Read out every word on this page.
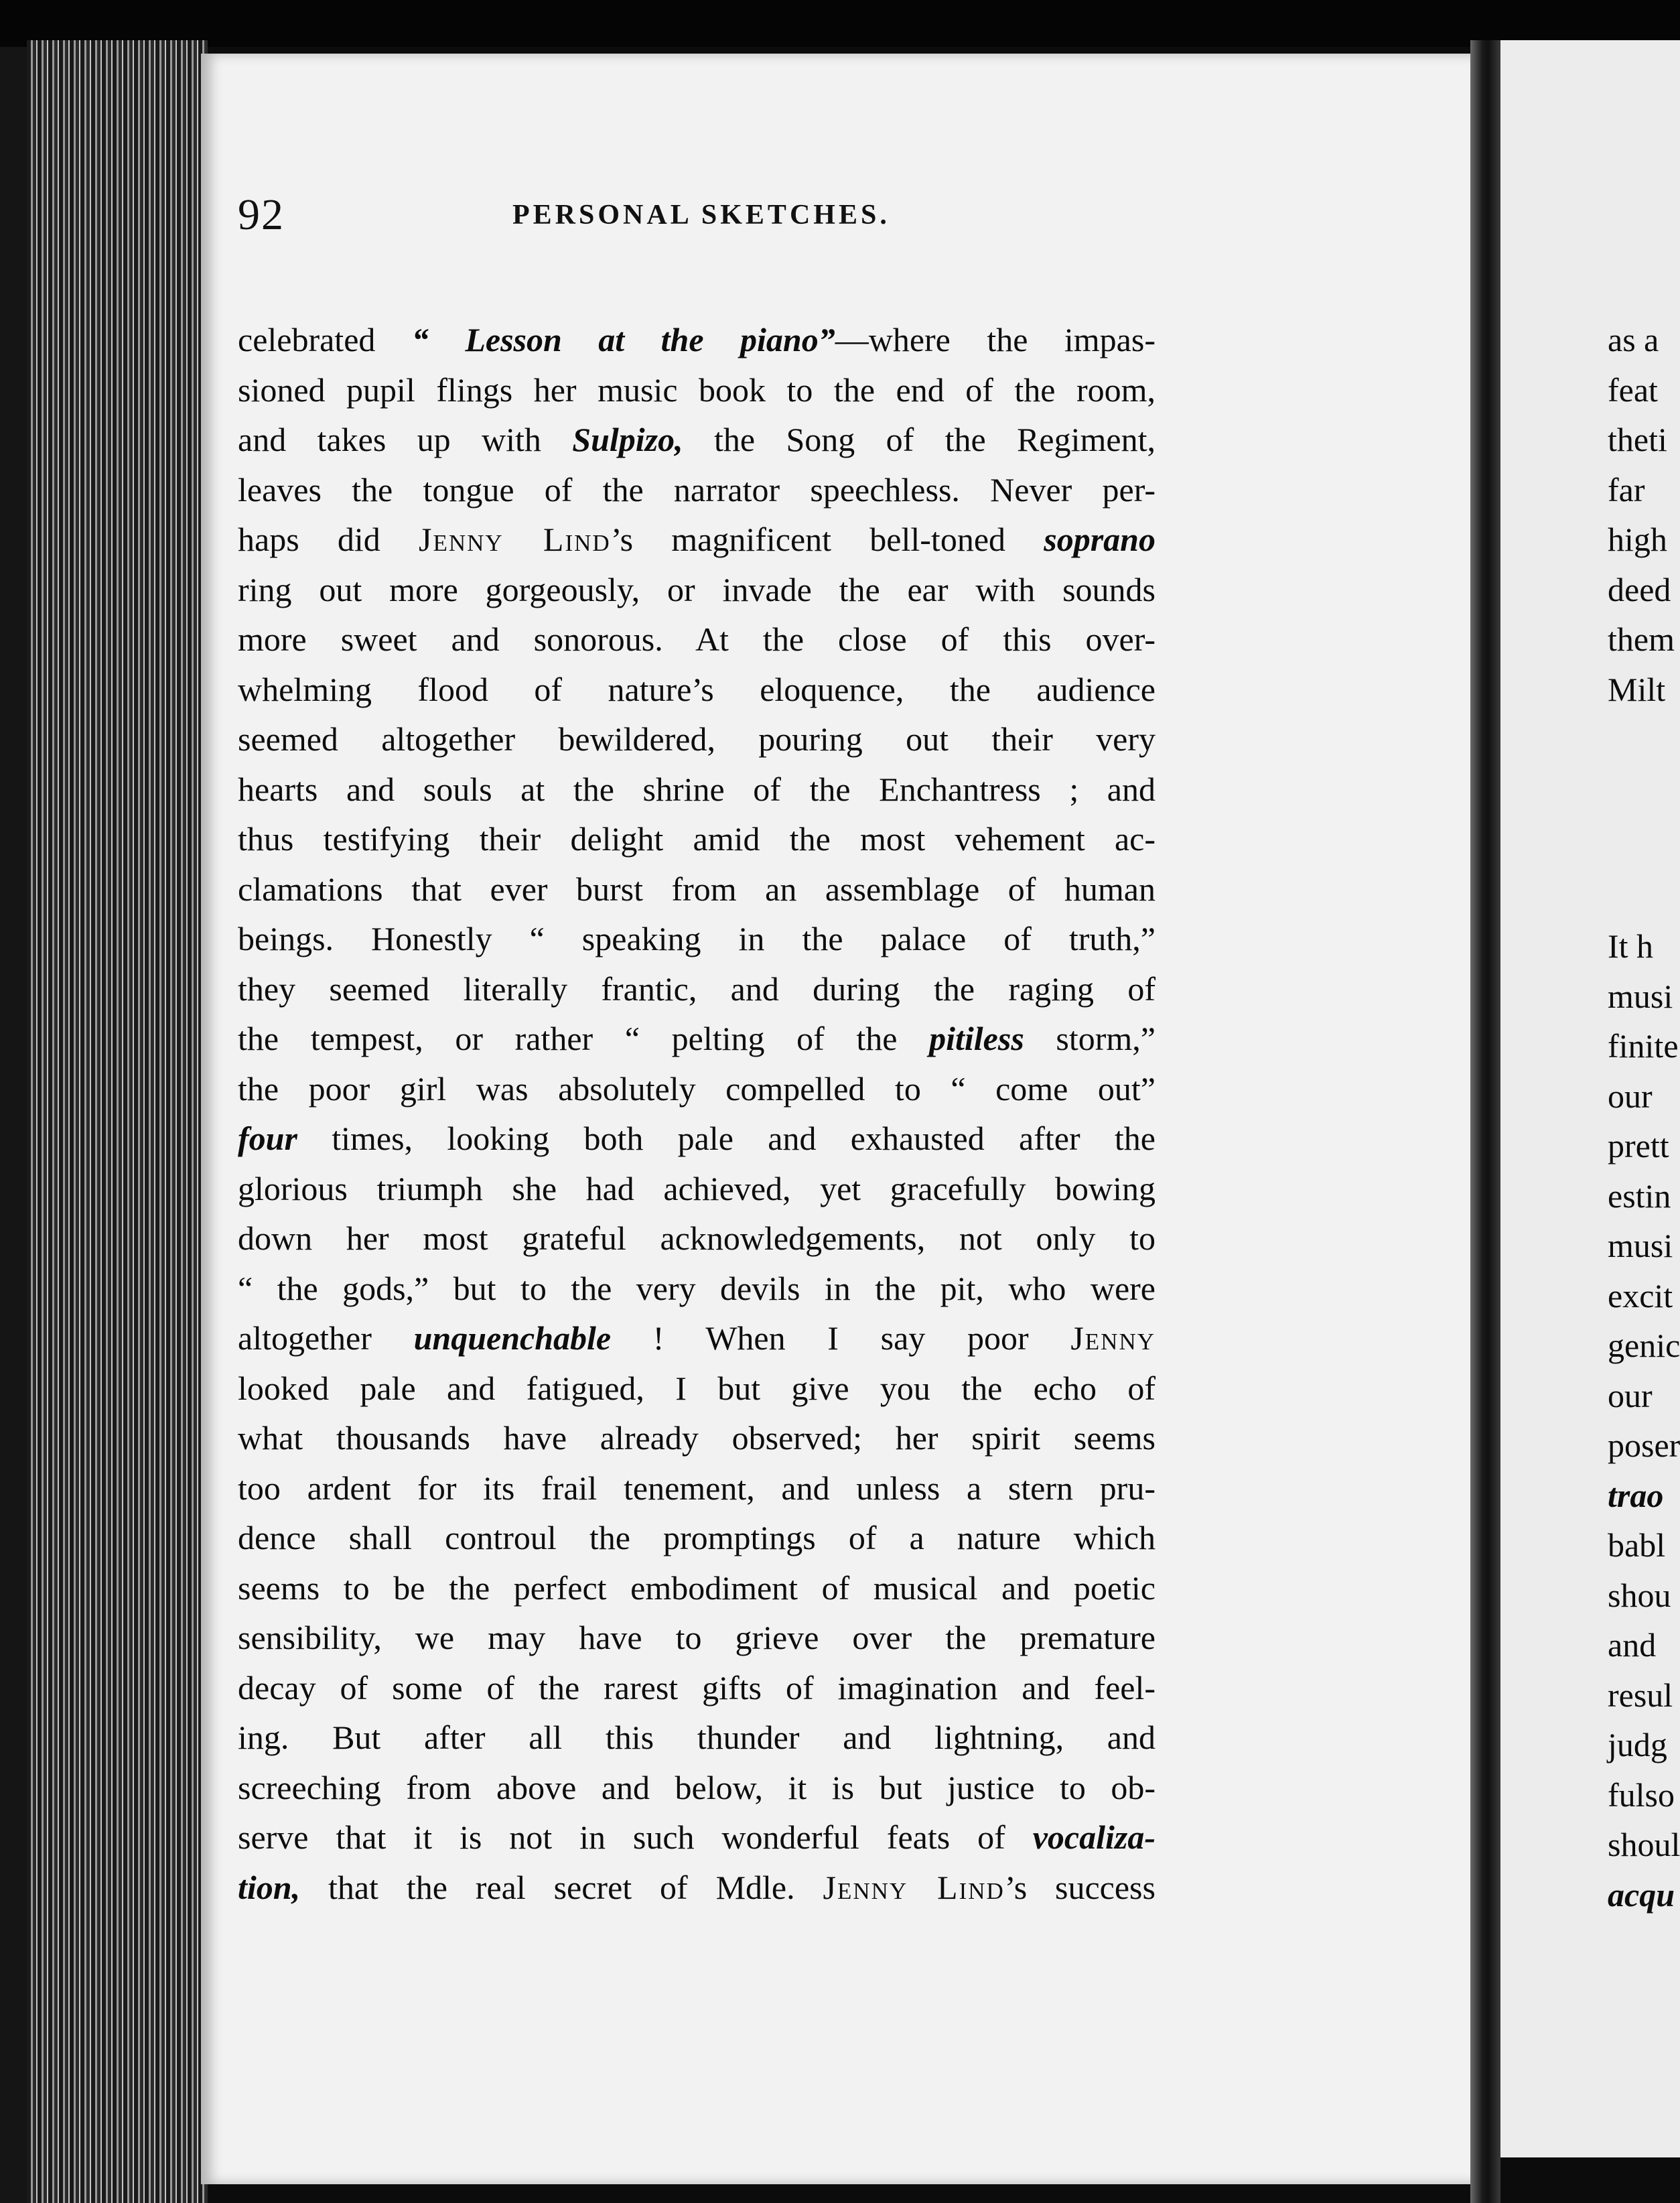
92	PERSONAL SKETCHES.
celebrated “ Lesson at the piano”—where the impas-
sioned pupil flings her music book to the end of the room,
and takes up with Sulpizo, the Song of the Regiment,
leaves the tongue of the narrator speechless. Never per-
haps did Jenny Lind’s magnificent bell-toned soprano
ring out more gorgeously, or invade the ear with sounds
more sweet and sonorous. At the close of this over-
whelming flood of nature’s eloquence, the audience
seemed altogether bewildered, pouring out their very
hearts and souls at the shrine of the Enchantress ; and
thus testifying their delight amid the most vehement ac-
clamations that ever burst from an assemblage of human
beings. Honestly “ speaking in the palace of truth,”
they seemed literally frantic, and during the raging of
the tempest, or rather “ pelting of the pitiless storm,”
the poor girl was absolutely compelled to “ come out”
four times, looking both pale and exhausted after the
glorious triumph she had achieved, yet gracefully bowing
down her most grateful acknowledgements, not only to
“ the gods,” but to the very devils in the pit, who were
altogether unquenchable ! When I say poor Jenny
looked pale and fatigued, I but give you the echo of
what thousands have already observed; her spirit seems
too ardent for its frail tenement, and unless a stern pru-
dence shall controul the promptings of a nature which
seems to be the perfect embodiment of musical and poetic
sensibility, we may have to grieve over the premature
decay of some of the rarest gifts of imagination and feel-
ing. But after all this thunder and lightning, and
screeching from above and below, it is but justice to ob-
serve that it is not in such wonderful feats of vocaliza-
tion, that the real secret of Mdle. Jenny Lind’s success
as a
feat
theti
far
high
deed
them
Milt
It h
musi
finite
our
prett
estin
musi
excit
genic
our
poser
trao
babl
shou
and
resul
judg
fulso
shoul
acqu
